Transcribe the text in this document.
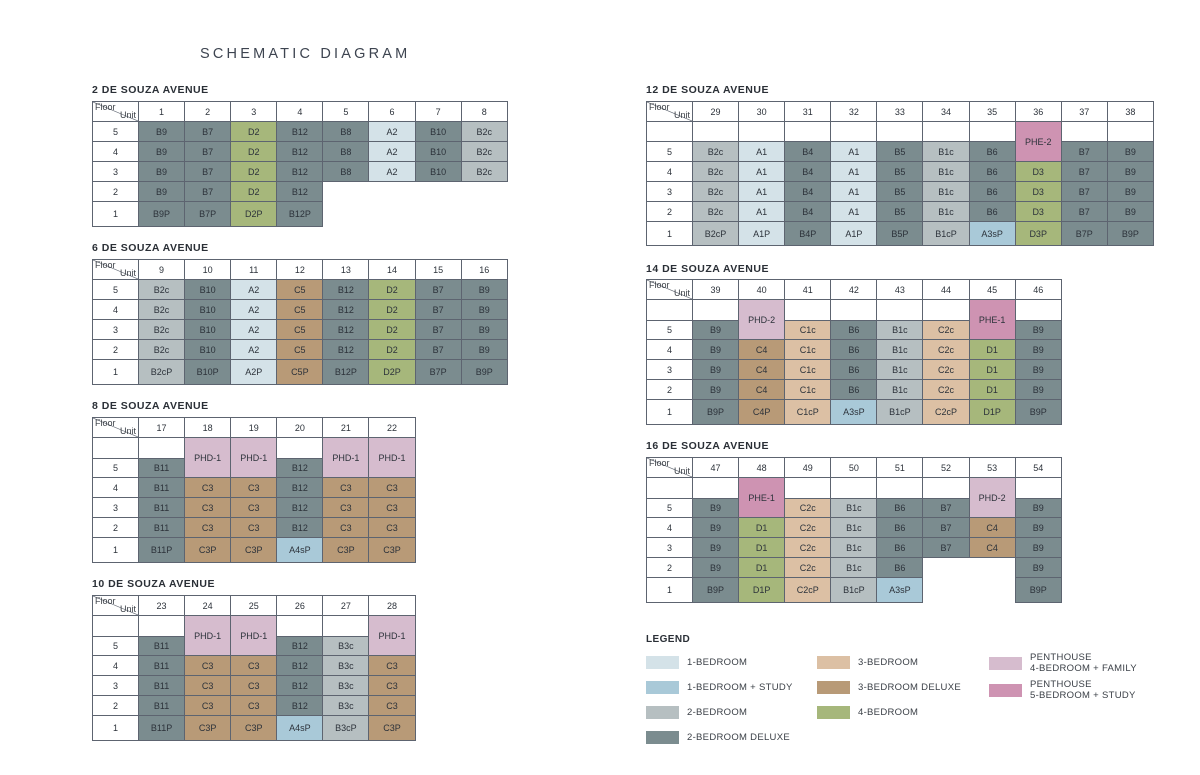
SCHEMATIC DIAGRAM
2 DE SOUZA AVENUE
Floor
Unit	1	2	3	4	5	6	7	8
5	B9	B7	D2	B12	B8	A2	B10	B2c
4	B9	B7	D2	B12	B8	A2	B10	B2c
3	B9	B7	D2	B12	B8	A2	B10	B2c
2	B9	B7	D2	B12				
1	B9P	B7P	D2P	B12P				
6 DE SOUZA AVENUE
Floor
Unit	9	10	11	12	13	14	15	16
5	B2c	B10	A2	C5	B12	D2	B7	B9
4	B2c	B10	A2	C5	B12	D2	B7	B9
3	B2c	B10	A2	C5	B12	D2	B7	B9
2	B2c	B10	A2	C5	B12	D2	B7	B9
1	B2cP	B10P	A2P	C5P	B12P	D2P	B7P	B9P
8 DE SOUZA AVENUE
Floor
Unit	17	18	19	20	21	22
		PHD-1	PHD-1		PHD-1	PHD-1
5	B11			B12		
4	B11	C3	C3	B12	C3	C3
3	B11	C3	C3	B12	C3	C3
2	B11	C3	C3	B12	C3	C3
1	B11P	C3P	C3P	A4sP	C3P	C3P
10 DE SOUZA AVENUE
Floor
Unit	23	24	25	26	27	28
		PHD-1	PHD-1			PHD-1
5	B11			B12	B3c	
4	B11	C3	C3	B12	B3c	C3
3	B11	C3	C3	B12	B3c	C3
2	B11	C3	C3	B12	B3c	C3
1	B11P	C3P	C3P	A4sP	B3cP	C3P
12 DE SOUZA AVENUE
Floor
Unit	29	30	31	32	33	34	35	36	37	38
								PHE-2		
5	B2c	A1	B4	A1	B5	B1c	B6		B7	B9
4	B2c	A1	B4	A1	B5	B1c	B6	D3	B7	B9
3	B2c	A1	B4	A1	B5	B1c	B6	D3	B7	B9
2	B2c	A1	B4	A1	B5	B1c	B6	D3	B7	B9
1	B2cP	A1P	B4P	A1P	B5P	B1cP	A3sP	D3P	B7P	B9P
14 DE SOUZA AVENUE
Floor
Unit	39	40	41	42	43	44	45	46
		PHD-2					PHE-1	
5	B9		C1c	B6	B1c	C2c		B9
4	B9	C4	C1c	B6	B1c	C2c	D1	B9
3	B9	C4	C1c	B6	B1c	C2c	D1	B9
2	B9	C4	C1c	B6	B1c	C2c	D1	B9
1	B9P	C4P	C1cP	A3sP	B1cP	C2cP	D1P	B9P
16 DE SOUZA AVENUE
Floor
Unit	47	48	49	50	51	52	53	54
		PHE-1					PHD-2	
5	B9		C2c	B1c	B6	B7		B9
4	B9	D1	C2c	B1c	B6	B7	C4	B9
3	B9	D1	C2c	B1c	B6	B7	C4	B9
2	B9	D1	C2c	B1c	B6			B9
1	B9P	D1P	C2cP	B1cP	A3sP			B9P
LEGEND
1-BEDROOM
1-BEDROOM + STUDY
2-BEDROOM
2-BEDROOM DELUXE
3-BEDROOM
3-BEDROOM DELUXE
4-BEDROOM
PENTHOUSE
4-BEDROOM + FAMILY
PENTHOUSE
5-BEDROOM + STUDY
